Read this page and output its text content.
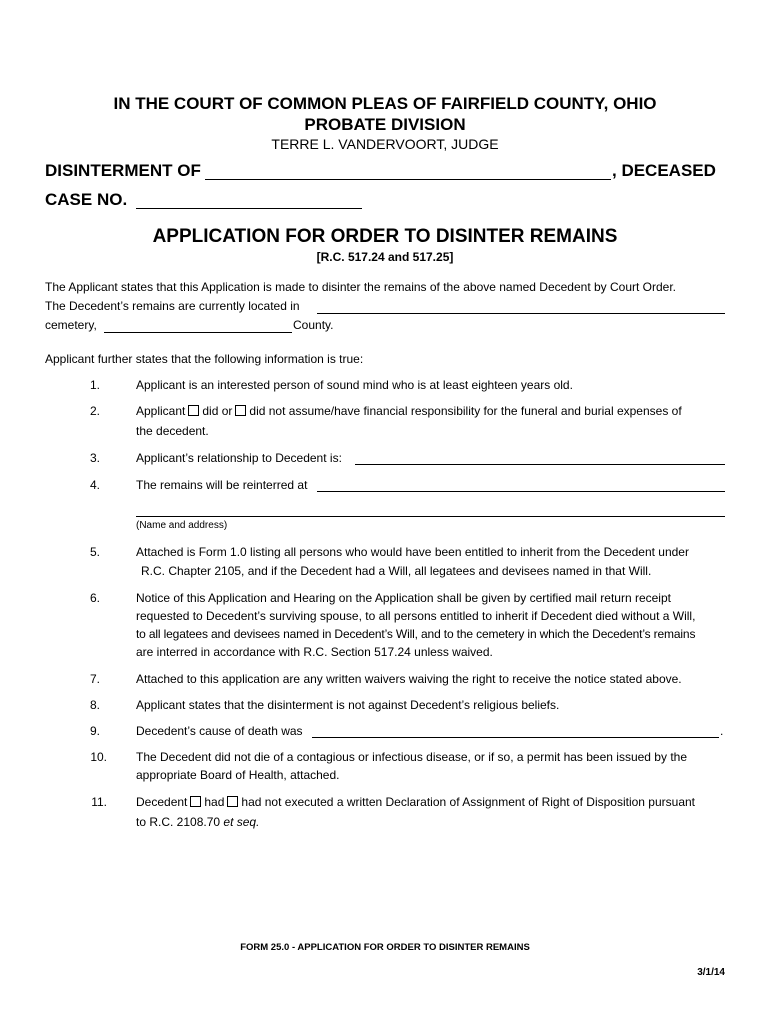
IN THE COURT OF COMMON PLEAS OF FAIRFIELD COUNTY, OHIO
PROBATE DIVISION
TERRE L. VANDERVOORT, JUDGE
DISINTERMENT OF	, DECEASED
CASE NO.
APPLICATION FOR ORDER TO DISINTER REMAINS
[R.C. 517.24 and 517.25]
The Applicant states that this Application is made to disinter the remains of the above named Decedent by Court Order.
The Decedent’s remains are currently located in
cemetery,	County.
Applicant further states that the following information is true:
1.	Applicant is an interested person of sound mind who is at least eighteen years old.
2.	Applicant did or did not assume/have financial responsibility for the funeral and burial expenses of
the decedent.
3.	Applicant’s relationship to Decedent is:
4.	The remains will be reinterred at
(Name and address)
5.	Attached is Form 1.0 listing all persons who would have been entitled to inherit from the Decedent under
R.C. Chapter 2105, and if the Decedent had a Will, all legatees and devisees named in that Will.
6.	Notice of this Application and Hearing on the Application shall be given by certified mail return receipt
requested to Decedent’s surviving spouse, to all persons entitled to inherit if Decedent died without a Will,
to all legatees and devisees named in Decedent’s Will, and to the cemetery in which the Decedent’s remains
are interred in accordance with R.C. Section 517.24 unless waived.
7.	Attached to this application are any written waivers waiving the right to receive the notice stated above.
8.	Applicant states that the disinterment is not against Decedent’s religious beliefs.
9.	Decedent’s cause of death was	.
10. The Decedent did not die of a contagious or infectious disease, or if so, a permit has been issued by the
appropriate Board of Health, attached.
11. Decedent had had not executed a written Declaration of Assignment of Right of Disposition pursuant
to R.C. 2108.70 et seq.
FORM 25.0 - APPLICATION FOR ORDER TO DISINTER REMAINS
3/1/14
